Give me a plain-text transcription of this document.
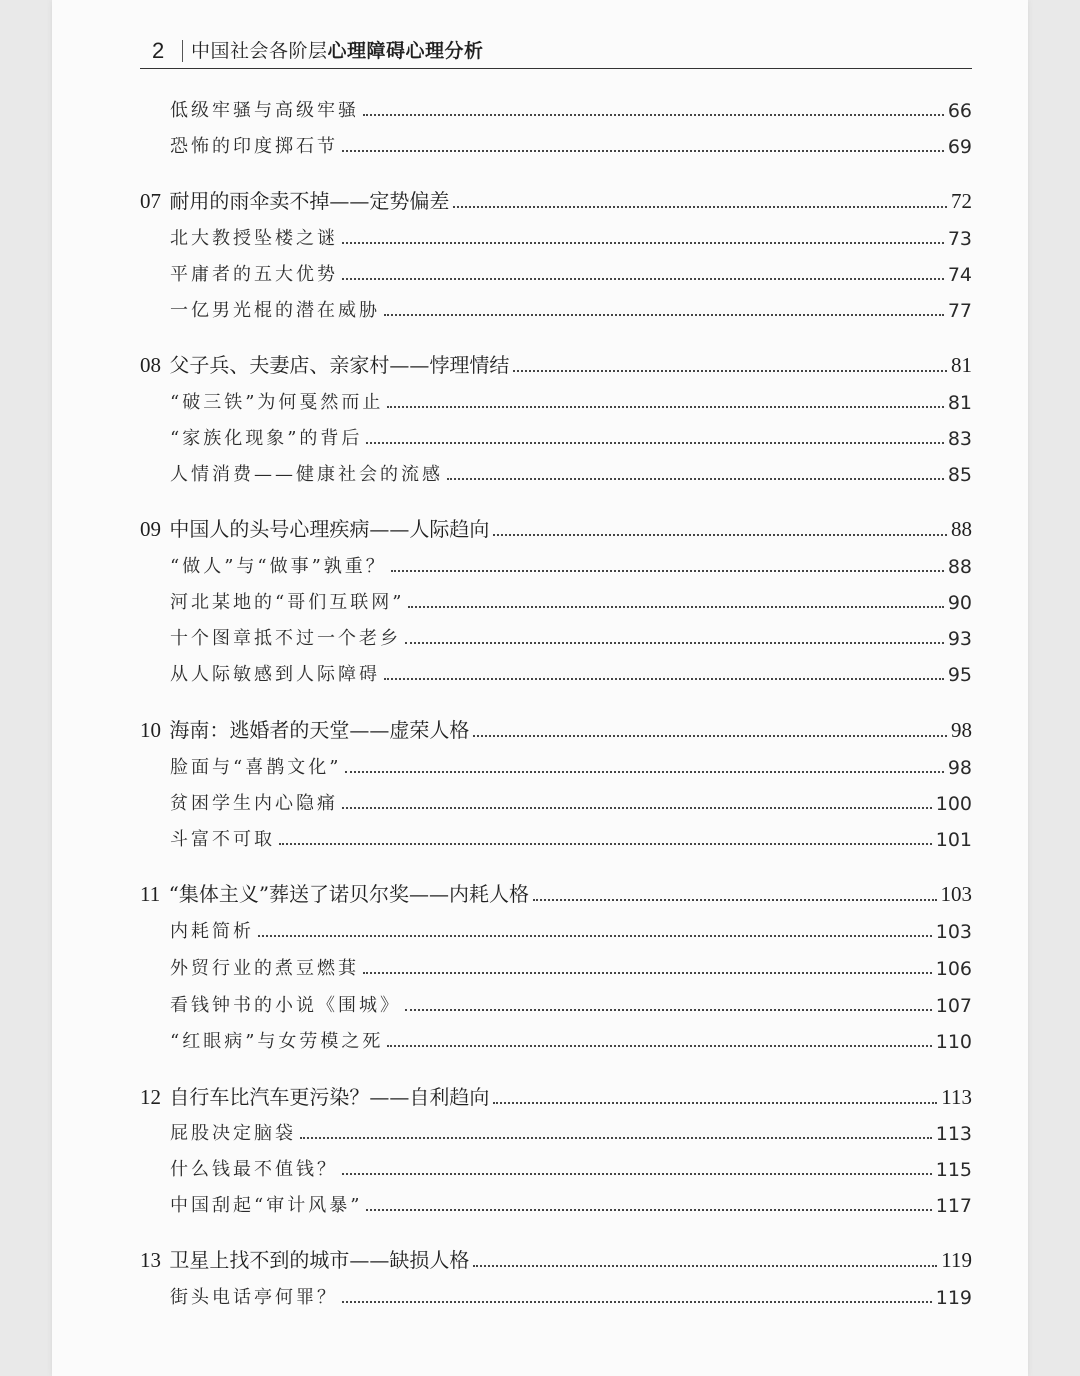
2	中国社会各阶层 心理障碍心理分析
低级牢骚与高级牢骚	66
恐怖的印度掷石节	69
07 耐用的雨伞卖不掉——定势偏差	72
北大教授坠楼之谜	73
平庸者的五大优势	74
一亿男光棍的潜在威胁	77
08 父子兵、夫妻店、亲家村——悖理情结	81
“破三铁”为何戛然而止	81
“家族化现象”的背后	83
人情消费——健康社会的流感	85
09 中国人的头号心理疾病——人际趋向	88
“做人”与“做事”孰重？	88
河北某地的“哥们互联网”	90
十个图章抵不过一个老乡	93
从人际敏感到人际障碍	95
10 海南：逃婚者的天堂——虚荣人格	98
脸面与“喜鹊文化”	98
贫困学生内心隐痛	100
斗富不可取	101
11 “集体主义”葬送了诺贝尔奖——内耗人格	103
内耗简析	103
外贸行业的煮豆燃萁	106
看钱钟书的小说《围城》	107
“红眼病”与女劳模之死	110
12 自行车比汽车更污染？——自利趋向	113
屁股决定脑袋	113
什么钱最不值钱？	115
中国刮起“审计风暴”	117
13 卫星上找不到的城市——缺损人格	119
街头电话亭何罪？	119
